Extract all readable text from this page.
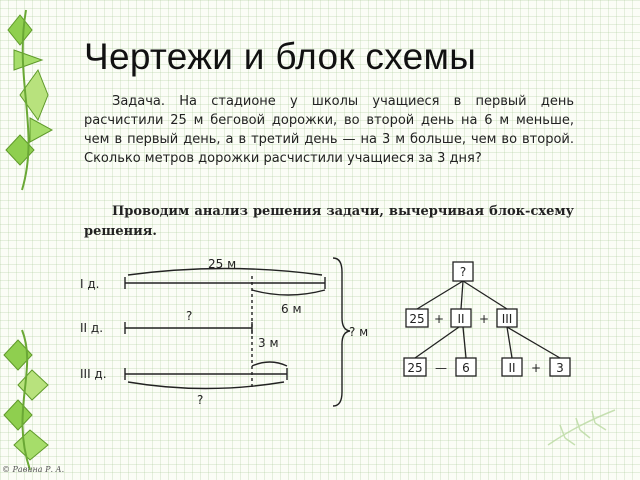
Чертежи и блок схемы

Задача. На стадионе у школы учащиеся в первый день расчистили 25 м беговой дорожки, во второй день на 6 м меньше, чем в первый день, а в третий день — на 3 м больше, чем во второй. Сколько метров дорожки расчистили учащиеся за 3 дня?

Проводим анализ решения задачи, вычерчивая блок-схему решения.

I д.
II д.
III д.
25 м
6 м
?
3 м
?
? м
?
25	II	III
+	+
25	6	II	3
—	+
© Равина Р. А.
